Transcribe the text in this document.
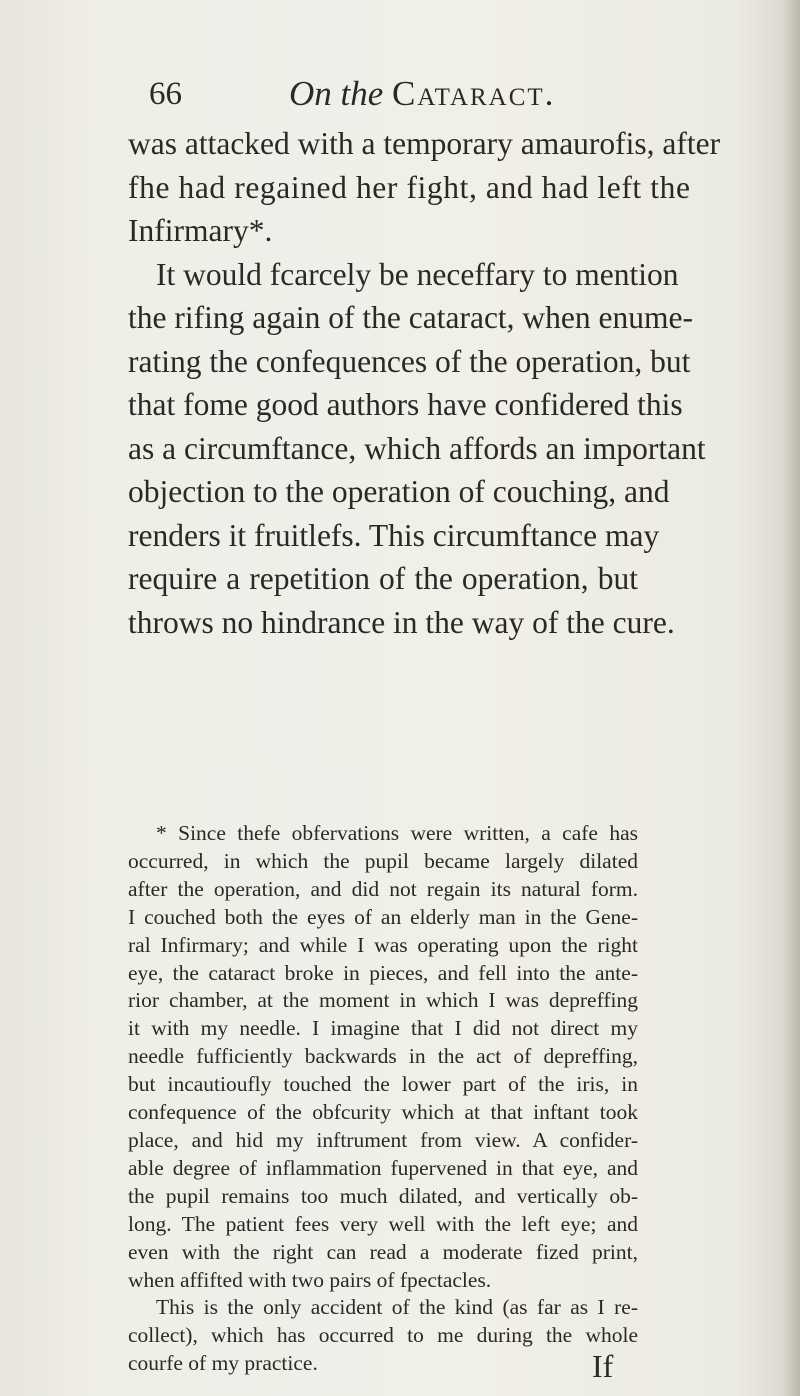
66	On the Cataract.
was attacked with a temporary amaurofis, after
fhe had regained her fight, and had left the
Infirmary*.
It would fcarcely be neceffary to mention
the rifing again of the cataract, when enume-
rating the confequences of the operation, but
that fome good authors have confidered this
as a circumftance, which affords an important
objection to the operation of couching, and
renders it fruitlefs. This circumftance may
require a repetition of the operation, but
throws no hindrance in the way of the cure.
* Since thefe obfervations were written, a cafe has
occurred, in which the pupil became largely dilated
after the operation, and did not regain its natural form.
I couched both the eyes of an elderly man in the Gene-
ral Infirmary; and while I was operating upon the right
eye, the cataract broke in pieces, and fell into the ante-
rior chamber, at the moment in which I was depreffing
it with my needle. I imagine that I did not direct my
needle fufficiently backwards in the act of depreffing,
but incautioufly touched the lower part of the iris, in
confequence of the obfcurity which at that inftant took
place, and hid my inftrument from view. A confider-
able degree of inflammation fupervened in that eye, and
the pupil remains too much dilated, and vertically ob-
long. The patient fees very well with the left eye; and
even with the right can read a moderate fized print,
when affifted with two pairs of fpectacles.
This is the only accident of the kind (as far as I re-
collect), which has occurred to me during the whole
courfe of my practice.	If
